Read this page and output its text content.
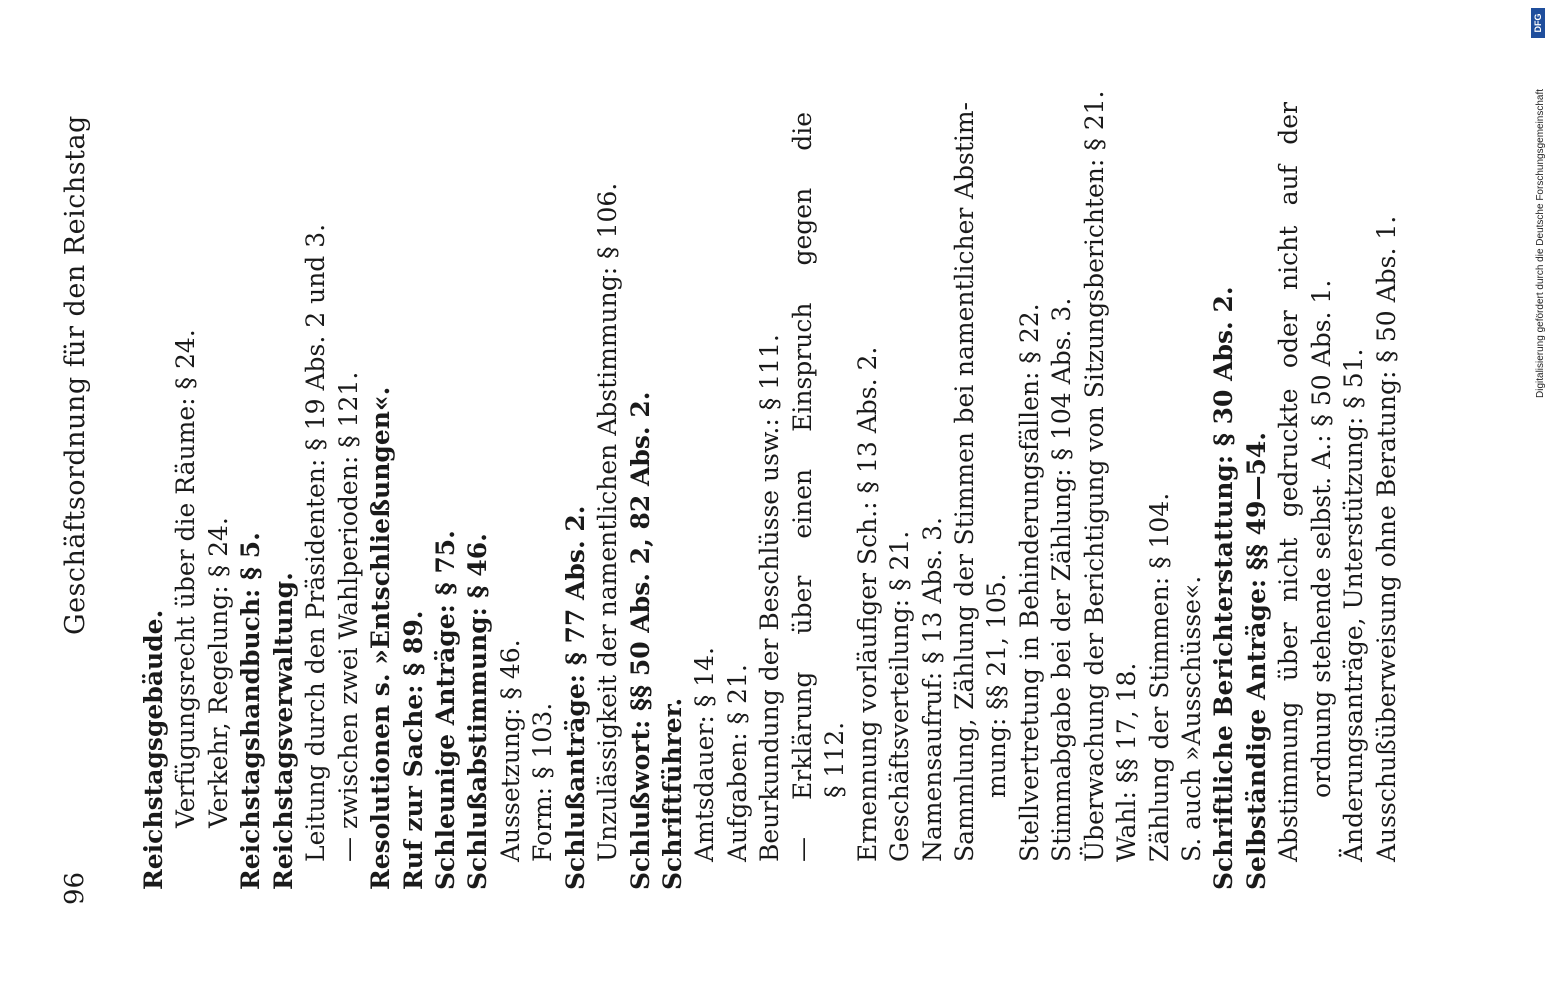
96
Geschäftsordnung für den Reichstag
Reichstagsgebäude. Verfügungsrecht über die Räume: § 24. Verkehr, Regelung: § 24. Reichstagshandbuch: § 5. Reichstagsverwaltung. Leitung durch den Präsidenten: § 19 Abs. 2 und 3. — zwischen zwei Wahlperioden: § 121. Resolutionen s. »Entschließungen«. Ruf zur Sache: § 89. Schleunige Anträge: § 75. Schlußabstimmung: § 46. Aussetzung: § 46. Form: § 103. Schlußanträge: § 77 Abs. 2. Unzulässigkeit der namentlichen Abstimmung: § 106. Schlußwort: §§ 50 Abs. 2, 82 Abs. 2. Schriftführer. Amtsdauer: § 14. Aufgaben: § 21. Beurkundung der Beschlüsse usw.: § 111. — Erklärung über einen Einspruch gegen die
§ 112. Ernennung vorläufiger Sch.: § 13 Abs. 2. Geschäftsverteilung: § 21. Namensaufruf: § 13 Abs. 3. Sammlung, Zählung der Stimmen bei namentlicher Abstim- mung: §§ 21, 105. Stellvertretung in Behinderungsfällen: § 22. Stimmabgabe bei der Zählung: § 104 Abs. 3. Überwachung der Berichtigung von Sitzungsberichten: § 21. Wahl: §§ 17, 18. Zählung der Stimmen: § 104. S. auch »Ausschüsse«. Schriftliche Berichterstattung: § 30 Abs. 2. Selbständige Anträge: §§ 49—54. Abstimmung über nicht gedruckte oder nicht auf der
ordnung stehende selbst. A.: § 50 Abs. 1. Änderungsanträge, Unterstützung: § 51. Ausschußüberweisung ohne Beratung: § 50 Abs. 1.	Digitalisierung gefördert durch die Deutsche Forschungsgemeinschaft
DFG
